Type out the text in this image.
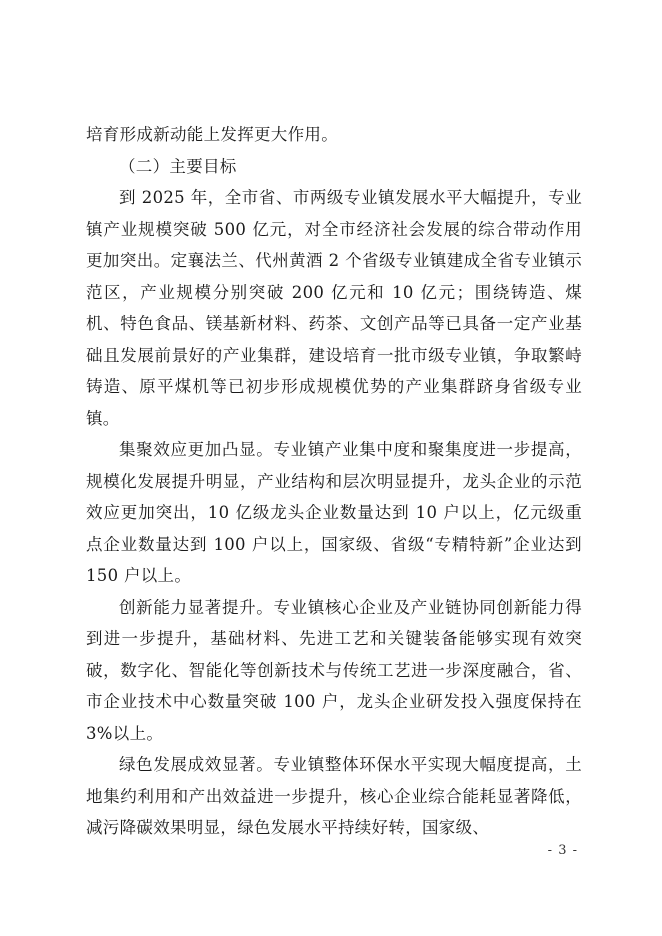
培育形成新动能上发挥更大作用。

（二）主要目标

到 2025 年，全市省、市两级专业镇发展水平大幅提升，专业镇产业规模突破 500 亿元，对全市经济社会发展的综合带动作用更加突出。定襄法兰、代州黄酒 2 个省级专业镇建成全省专业镇示范区，产业规模分别突破 200 亿元和 10 亿元；围绕铸造、煤机、特色食品、镁基新材料、药茶、文创产品等已具备一定产业基础且发展前景好的产业集群，建设培育一批市级专业镇，争取繁峙铸造、原平煤机等已初步形成规模优势的产业集群跻身省级专业镇。

集聚效应更加凸显。专业镇产业集中度和聚集度进一步提高，规模化发展提升明显，产业结构和层次明显提升，龙头企业的示范效应更加突出，10 亿级龙头企业数量达到 10 户以上，亿元级重点企业数量达到 100 户以上，国家级、省级“专精特新”企业达到 150 户以上。

创新能力显著提升。专业镇核心企业及产业链协同创新能力得到进一步提升，基础材料、先进工艺和关键装备能够实现有效突破，数字化、智能化等创新技术与传统工艺进一步深度融合，省、市企业技术中心数量突破 100 户，龙头企业研发投入强度保持在 3%以上。

绿色发展成效显著。专业镇整体环保水平实现大幅度提高，土地集约利用和产出效益进一步提升，核心企业综合能耗显著降低，减污降碳效果明显，绿色发展水平持续好转，国家级、

- 3 -
